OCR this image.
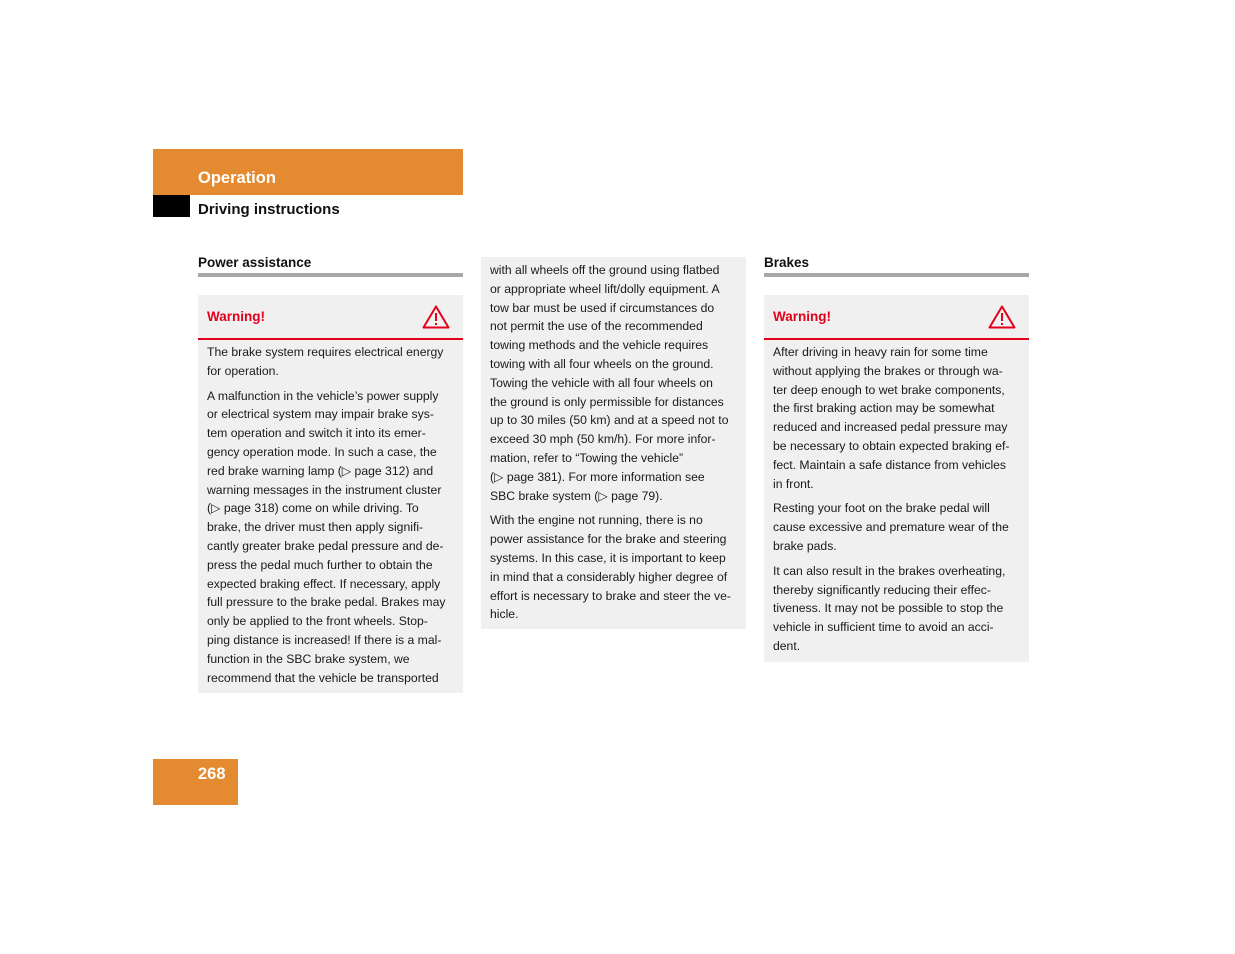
Operation
Driving instructions
Power assistance
Warning!

The brake system requires electrical energy
for operation.

A malfunction in the vehicle’s power supply
or electrical system may impair brake sys-
tem operation and switch it into its emer-
gency operation mode. In such a case, the
red brake warning lamp (▷ page 312) and
warning messages in the instrument cluster
(▷ page 318) come on while driving. To
brake, the driver must then apply signifi-
cantly greater brake pedal pressure and de-
press the pedal much further to obtain the
expected braking effect. If necessary, apply
full pressure to the brake pedal. Brakes may
only be applied to the front wheels. Stop-
ping distance is increased! If there is a mal-
function in the SBC brake system, we
recommend that the vehicle be transported

with all wheels off the ground using flatbed
or appropriate wheel lift/dolly equipment. A
tow bar must be used if circumstances do
not permit the use of the recommended
towing methods and the vehicle requires
towing with all four wheels on the ground.
Towing the vehicle with all four wheels on
the ground is only permissible for distances
up to 30 miles (50 km) and at a speed not to
exceed 30 mph (50 km/h). For more infor-
mation, refer to “Towing the vehicle”
(▷ page 381). For more information see
SBC brake system (▷ page 79).

With the engine not running, there is no
power assistance for the brake and steering
systems. In this case, it is important to keep
in mind that a considerably higher degree of
effort is necessary to brake and steer the ve-
hicle.

Brakes
Warning!

After driving in heavy rain for some time
without applying the brakes or through wa-
ter deep enough to wet brake components,
the first braking action may be somewhat
reduced and increased pedal pressure may
be necessary to obtain expected braking ef-
fect. Maintain a safe distance from vehicles
in front.

Resting your foot on the brake pedal will
cause excessive and premature wear of the
brake pads.

It can also result in the brakes overheating,
thereby significantly reducing their effec-
tiveness. It may not be possible to stop the
vehicle in sufficient time to avoid an acci-
dent.

268
